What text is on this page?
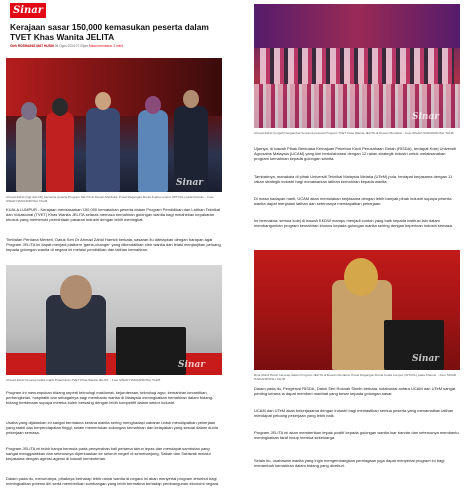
Sinar
Kerajaan sasar 150,000 kemasukan peserta dalam TVET Khas Wanita JELITA
Oleh ROSHAINIZ MAT HUSIN 08 Ogos 2024 07:03pm Masa membaca: 2 minit
Sinar
Ahmad Zahid (tiga dari kiri) bersama peserta Program JELITA di Dewan Merdeka, Pusat Dagangan Dunia Kuala Lumpur (WTCKL) pada Khamis. - Foto SINAR HARIAN/ROSLI TALIB

KUALA LUMPUR - Kerajaan mensasarkan 150,000 kemasukan peserta dalam Program Pendidikan dan Latihan Teknikal dan Vokasional (TVET) Khas Wanita JELITA selaras memacu kemahiran golongan wanita bagi melahirkan kepakaran khusus yang memenuhi permintaan pasaran industri dengan lebih meningkat.

Timbalan Perdana Menteri, Datuk Seri Dr Ahmad Zahid Hamidi berkata, sasaran itu ditetapkan dengan harapan agar Program JELITA ini dapat menjadi platform 'game-changer' yang dikendalikan oleh wanita dan lelaki menjanjikan peluang kepada golongan wanita di negara ini melalui pendidikan dan latihan kemahiran.

Sinar
Ahmad Zahid berucap ketika majlis Pelancaran TVET Khas Wanita JELITA. - Foto SINAR HARIAN/ROSLI TALIB

Program ini menumpukan bidang seperti teknologi maklumat, kejuruteraan, teknologi agro, kemahiran kecantikan, perbengkelan, hospitaliti dan sebagainya bagi membantu wanita di Malaysia meningkatkan kemahiran dalam bidang-bidang berkenaan supaya mereka boleh bersaing dengan lebih kompetitif dalam sektor industri.

Usaha yang dijalankan ini sangat bermakna kerana wanita sering menghadapi cabaran untuk mendapatkan pekerjaan yang stabil dan berpendapatan tinggi, selain memerlukan sokongan kemahiran dan kelayakan yang sesuai dalam dunia pekerjaan semasa.

Program JELITA ini telah hanya bermula pada penyerahan kali pertama tahun lepas dan mendapat sambutan yang sangat menggalakkan dan seterusnya diperluaskan ke seluruh negeri di semenanjung, Sabah dan Sarawak melalui kerjasama dengan agensi-agensi di bawah kementerian.

Dalam pada itu, menurutnya, pihaknya berharap lebih ramai wanita di negara ini akan menyertai program tersebut bagi meningkatkan potensi diri serta memberikan sumbangan yang lebih bermakna terhadap pembangunan ekonomi negara.

Sinar
Ahmad Zahid (tengah) bergambar bersama peserta Program TVET Khas Wanita JELITA di Dewan Merdeka. - Foto SINAR HARIAN/ROSLI TALIB

Ujarnya, di bawah Pihak Berkuasa Kemajuan Pekebun Kecil Perusahaan Getah (RISDA), terdapat Kolej Universiti Agrosains Malaysia (UCAM) yang kini berkolaborasi dengan 12 rakan strategik industri untuk melaksanakan program kemahiran kepada golongan wanita.

Tambahnya, manakala di pihak Universiti Teknikal Malaysia Melaka (UTeM) pula, terdapat kerjasama dengan 11 rakan strategik industri bagi menawarkan latihan kemahiran kepada wanita.

Di masa hadapan nanti, UCAM akan memulakan kerjasama dengan lebih banyak pihak industri supaya peserta wanita dapat menjalani latihan dan seterusnya mendapatkan pekerjaan.

Ini bermakna, semua kolej di bawah KKDW mampu menjadi contoh yang baik kepada institusi lain dalam membangunkan program kemahiran khusus kepada golongan wanita seiring dengan keperluan industri semasa.

Sinar
Rina Mohd Harun berucap dalam Program JELITA di Dewan Merdeka, Pusat Dagangan Dunia Kuala Lumpur (WTCKL) pada Khamis. - Foto SINAR HARIAN/ROSLI TALIB

Dalam pada itu, Pengerusi RISDA, Datuk Seri Rosnah Shirlin berkata, kolaborasi antara UCAM dan UTeM sangat penting kerana ia dapat memberi manfaat yang besar kepada golongan sasar.

UCAM dan UTeM akan bekerjasama dengan industri bagi memastikan semua peserta yang menamatkan latihan mendapat peluang pekerjaan yang lebih baik.

Program JELITA ini akan memberikan impak positif kepada golongan wanita luar bandar dan seterusnya membantu meningkatkan taraf hidup mereka sekeluarga.

Selain itu, usahawan wanita yang ingin mengembangkan perniagaan juga dapat menyertai program ini bagi menambah kemahiran dalam bidang yang diceburi.
